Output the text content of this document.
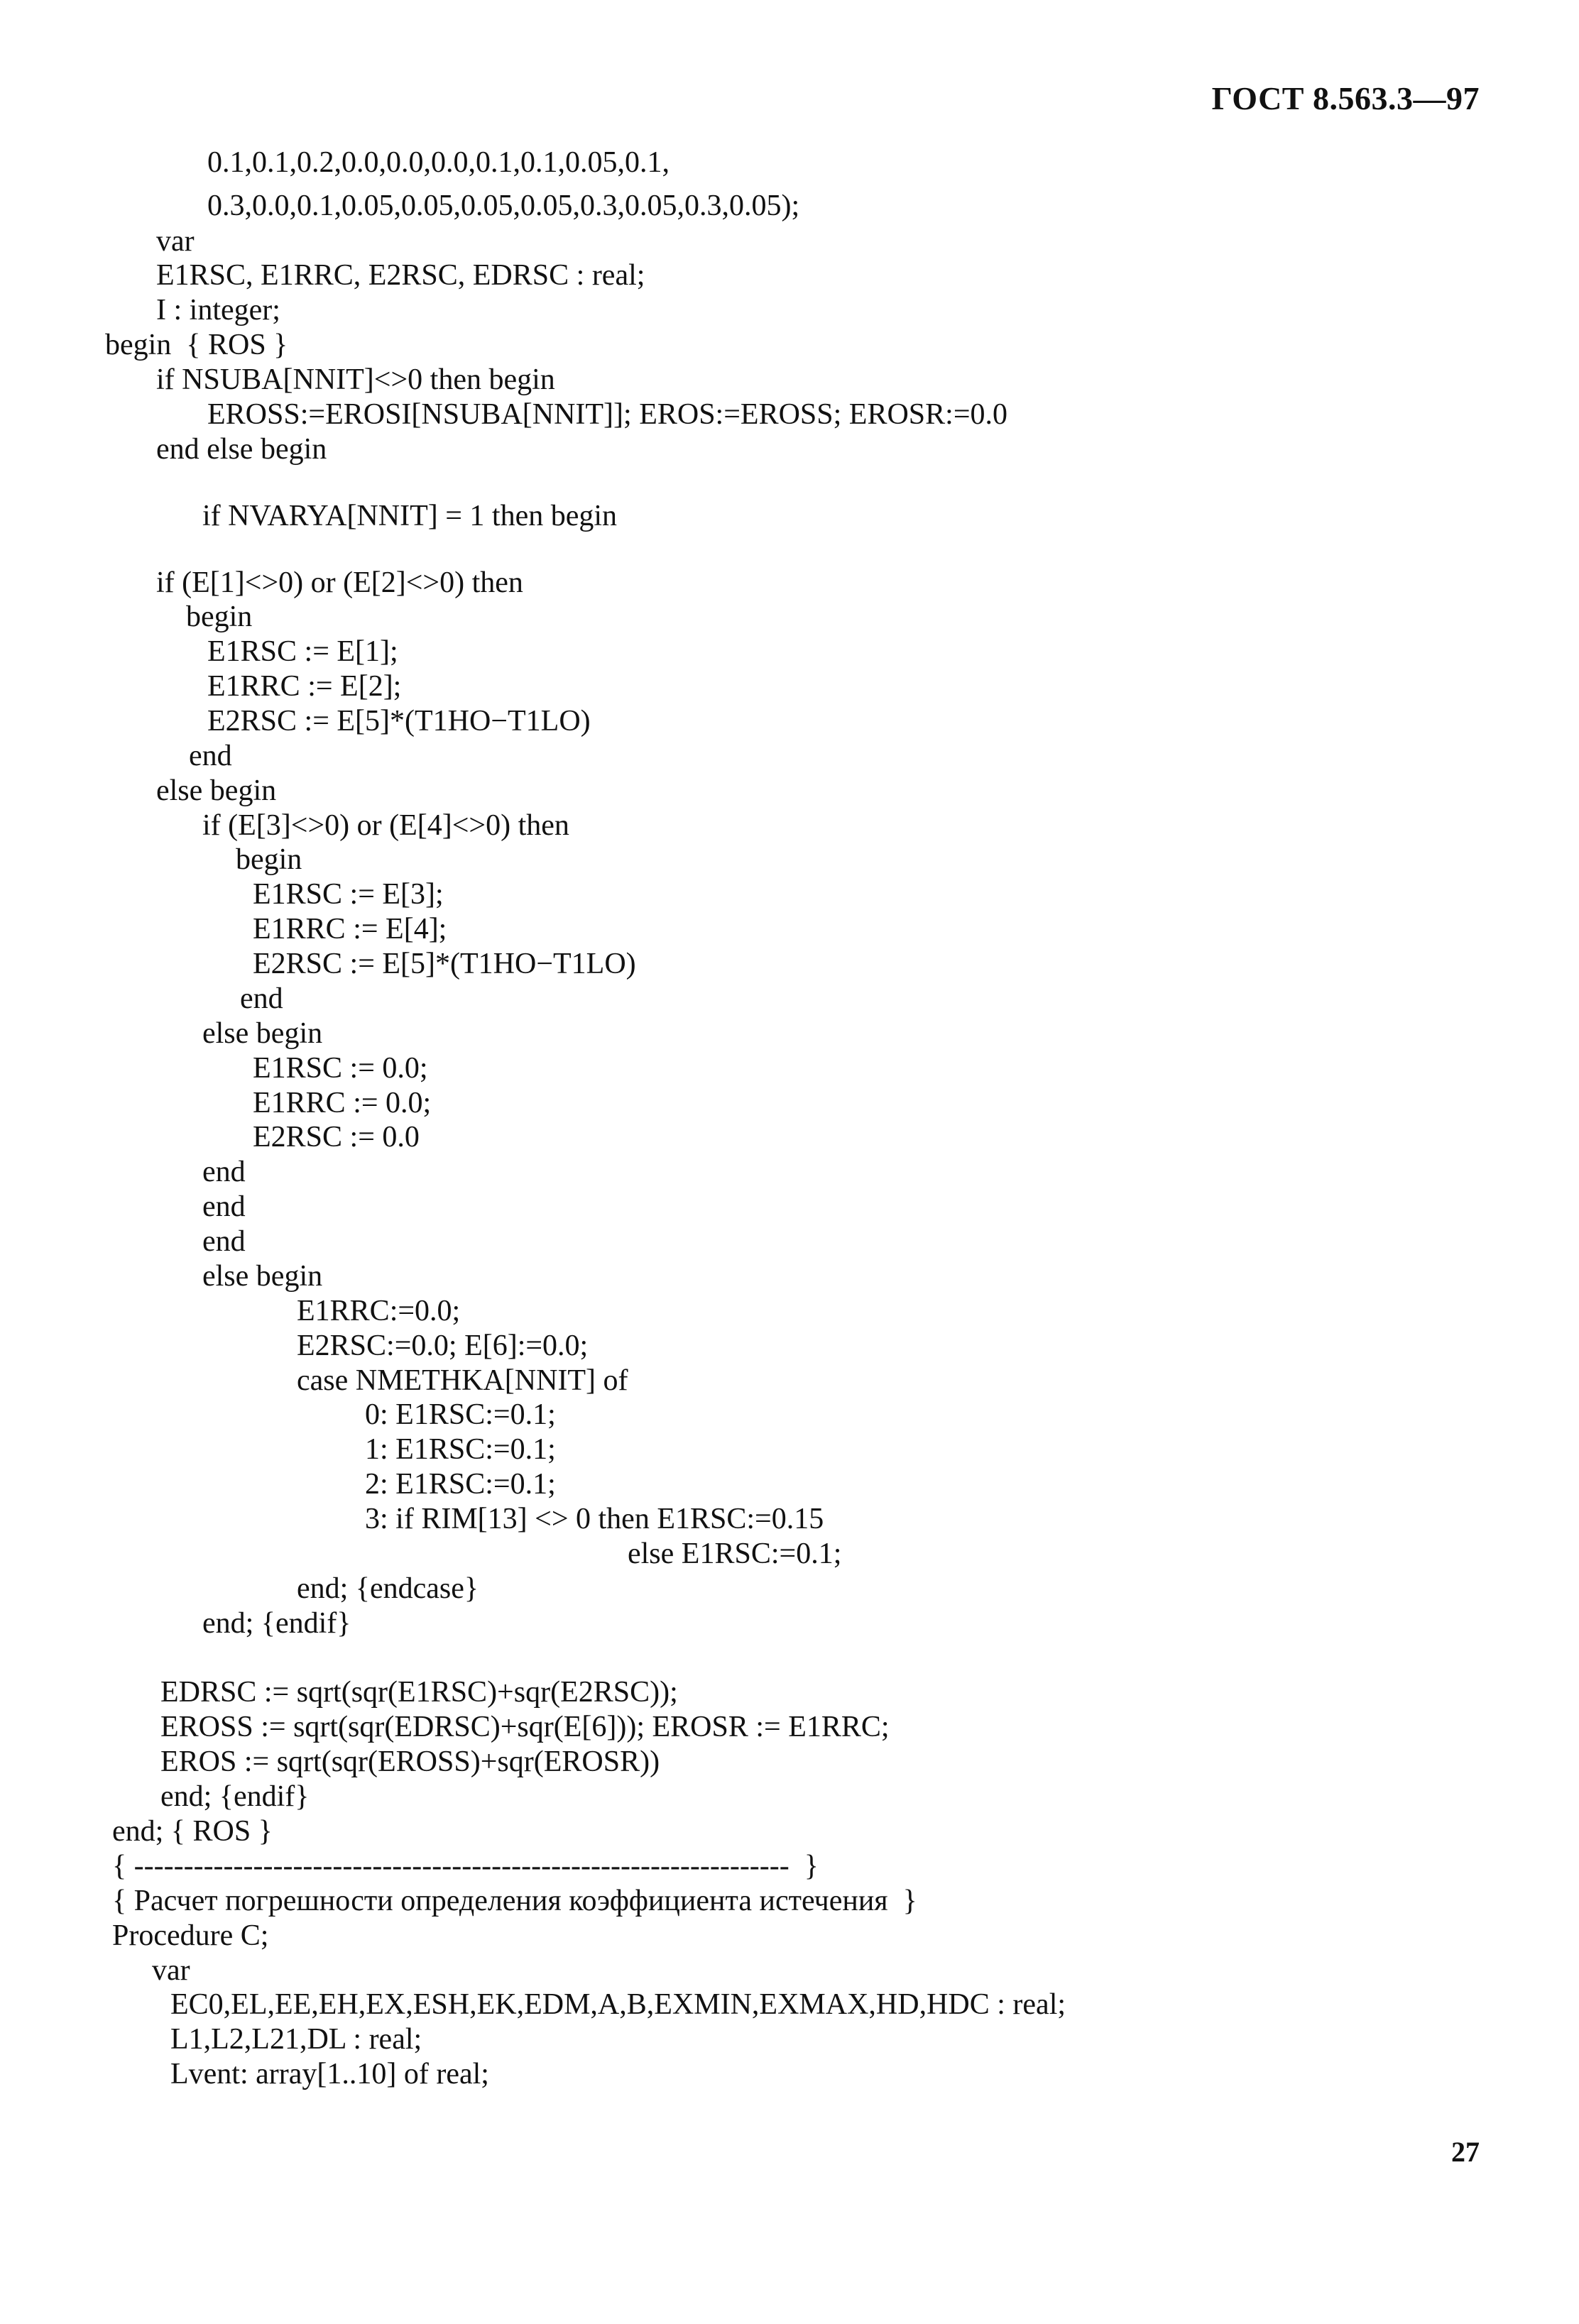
ГОСТ 8.563.3—97
0.1,0.1,0.2,0.0,0.0,0.0,0.1,0.1,0.05,0.1,
0.3,0.0,0.1,0.05,0.05,0.05,0.05,0.3,0.05,0.3,0.05);
var
E1RSC, E1RRC, E2RSC, EDRSC : real;
I : integer;
begin  { ROS }
if NSUBA[NNIT]<>0 then begin
EROSS:=EROSI[NSUBA[NNIT]]; EROS:=EROSS; EROSR:=0.0
end else begin
if NVARYA[NNIT] = 1 then begin
if (E[1]<>0) or (E[2]<>0) then
begin
E1RSC := E[1];
E1RRC := E[2];
E2RSC := E[5]*(T1HO−T1LO)
end
else begin
if (E[3]<>0) or (E[4]<>0) then
begin
E1RSC := E[3];
E1RRC := E[4];
E2RSC := E[5]*(T1HO−T1LO)
end
else begin
E1RSC := 0.0;
E1RRC := 0.0;
E2RSC := 0.0
end
end
end
else begin
E1RRC:=0.0;
E2RSC:=0.0; E[6]:=0.0;
case NMETHKA[NNIT] of
0: E1RSC:=0.1;
1: E1RSC:=0.1;
2: E1RSC:=0.1;
3: if RIM[13] <> 0 then E1RSC:=0.15
else E1RSC:=0.1;
end; {endcase}
end; {endif}
EDRSC := sqrt(sqr(E1RSC)+sqr(E2RSC));
EROSS := sqrt(sqr(EDRSC)+sqr(E[6])); EROSR := E1RRC;
EROS := sqrt(sqr(EROSS)+sqr(EROSR))
end; {endif}
end; { ROS }
{ ------------------------------------------------------------------  }
{ Расчет погрешности определения коэффициента истечения  }
Procedure C;
var
EC0,EL,EE,EH,EX,ESH,EK,EDM,A,B,EXMIN,EXMAX,HD,HDC : real;
L1,L2,L21,DL : real;
Lvent: array[1..10] of real;
27
